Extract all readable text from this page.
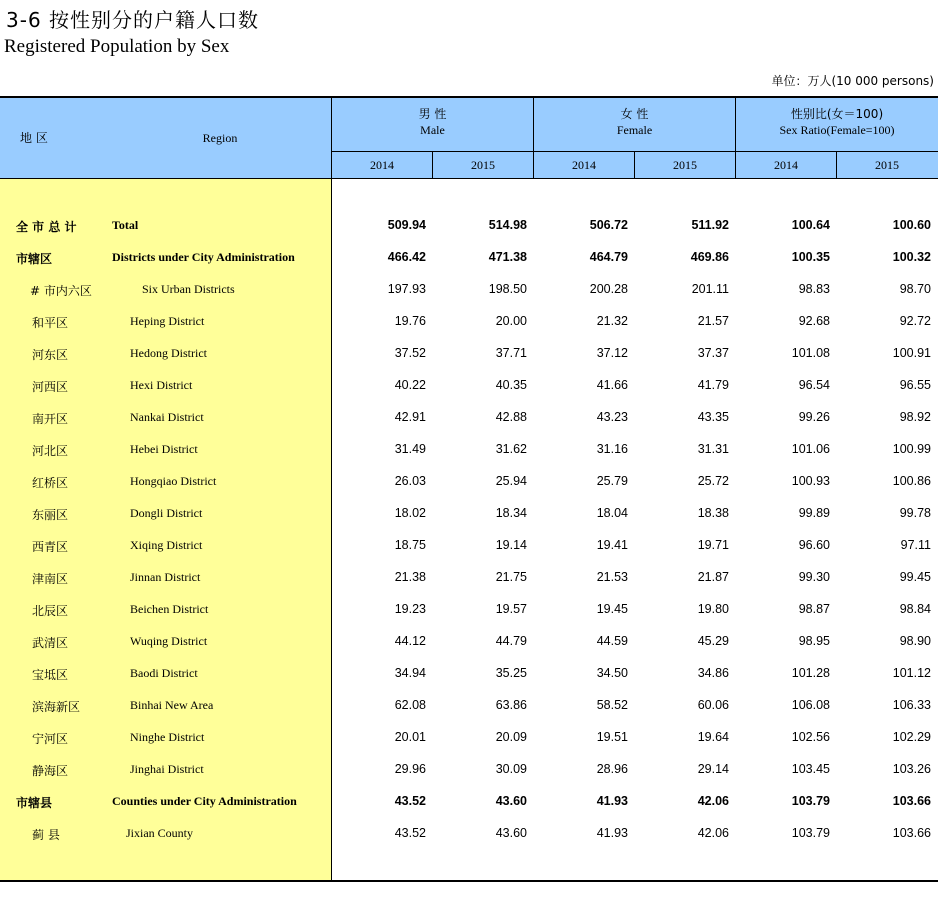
3-6 按性别分的户籍人口数
Registered Population by Sex
单位：万人(10 000 persons)
地 区	Region
男 性
Male
女 性
Female
性别比(女＝100)
Sex Ratio(Female=100)
2014	2015	2014	2015	2014	2015
全 市 总 计	Total	509.94	514.98	506.72	511.92	100.64	100.60
市辖区	Districts under City Administration	466.42	471.38	464.79	469.86	100.35	100.32
# 市内六区	Six Urban Districts	197.93	198.50	200.28	201.11	98.83	98.70
和平区	Heping District	19.76	20.00	21.32	21.57	92.68	92.72
河东区	Hedong District	37.52	37.71	37.12	37.37	101.08	100.91
河西区	Hexi District	40.22	40.35	41.66	41.79	96.54	96.55
南开区	Nankai District	42.91	42.88	43.23	43.35	99.26	98.92
河北区	Hebei District	31.49	31.62	31.16	31.31	101.06	100.99
红桥区	Hongqiao District	26.03	25.94	25.79	25.72	100.93	100.86
东丽区	Dongli District	18.02	18.34	18.04	18.38	99.89	99.78
西青区	Xiqing District	18.75	19.14	19.41	19.71	96.60	97.11
津南区	Jinnan District	21.38	21.75	21.53	21.87	99.30	99.45
北辰区	Beichen District	19.23	19.57	19.45	19.80	98.87	98.84
武清区	Wuqing District	44.12	44.79	44.59	45.29	98.95	98.90
宝坻区	Baodi District	34.94	35.25	34.50	34.86	101.28	101.12
滨海新区	Binhai New Area	62.08	63.86	58.52	60.06	106.08	106.33
宁河区	Ninghe District	20.01	20.09	19.51	19.64	102.56	102.29
静海区	Jinghai District	29.96	30.09	28.96	29.14	103.45	103.26
市辖县	Counties under City Administration	43.52	43.60	41.93	42.06	103.79	103.66
蓟 县	Jixian County	43.52	43.60	41.93	42.06	103.79	103.66
